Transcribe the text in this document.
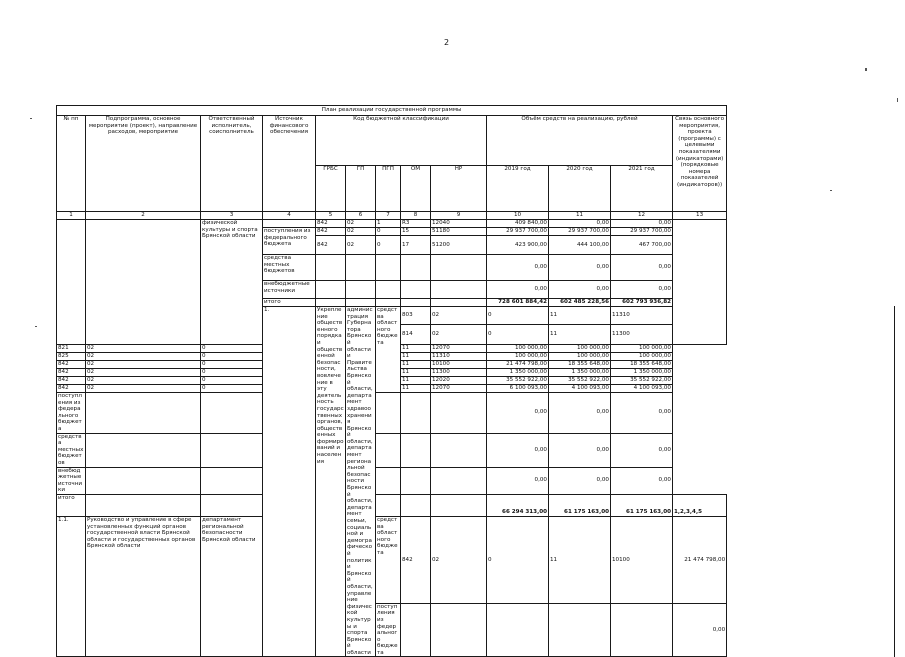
2
План реализации государственной программы														
№ пп	Подпрограмма, основное мероприятие (проект), направление расходов, мероприятие	Ответственный исполнитель, соисполнитель	Источник финансового обеспечения	Код бюджетной классификации					Объём средств на реализацию, рублей			Связь основного мероприятия, проекта (программы) с целевыми показателями (индикаторами) (порядковые номера показателей (индикаторов))		
				ГРБС	ГП	ПГП	ОМ	НР	2019 год	2020 год	2021 год			
1	2	3	4	5	6	7	8	9	10	11	12	13		
		физической культуры и спорта Брянской области		842	02	1	R3	12040	409 840,00	0,00	0,00			
			поступления из федерального бюджета	842	02	0	15	51180	29 937 700,00	29 937 700,00	29 937 700,00			
				842	02	0	17	51200	423 900,00	444 100,00	467 700,00			
			средства местных бюджетов						0,00	0,00	0,00			
			внебюджетные источники						0,00	0,00	0,00			
			итого						728 601 884,42	602 485 228,56	602 793 936,82			
			1.	Укрепление общественного порядка и общественной безопасности, вовлечение в эту деятельность государственных органов, общественных формирований и населения	администрация Губернатора Брянской области и Правительства Брянской области, департамент здравоохранения Брянской области, департамент региональной безопасности Брянской области, департамент семьи, социальной и демографической политики Брянской области, управление физической культуры и спорта Брянской области	средства областного бюджета	803	02	0	11	11310				
							814	02	0	11	11300			
821	02	0					11	12070	100 000,00	100 000,00	100 000,00			
825	02	0					11	11310	100 000,00	100 000,00	100 000,00			
842	02	0					11	10100	21 474 798,00	18 355 648,00	18 355 648,00			
842	02	0					11	11300	1 350 000,00	1 350 000,00	1 350 000,00			
842	02	0					11	12020	35 552 922,00	35 552 922,00	35 552 922,00			
842	02	0					11	12070	6 100 093,00	4 100 093,00	4 100 093,00			
поступления из федерального бюджета									0,00	0,00	0,00			
средства местных бюджетов									0,00	0,00	0,00			
внебюджетные источники									0,00	0,00	0,00			
итого									66 294 313,00	61 175 163,00	61 175 163,00	1,2,3,4,5		
1.1.	Руководство и управление в сфере установленных функций органов государственной власти Брянской области и государственных органов Брянской области	департамент региональной безопасности Брянской области				средства областного бюджета	842	02	0	11	10100	21 474 798,00			
						поступления из федерального бюджета						0,00		
